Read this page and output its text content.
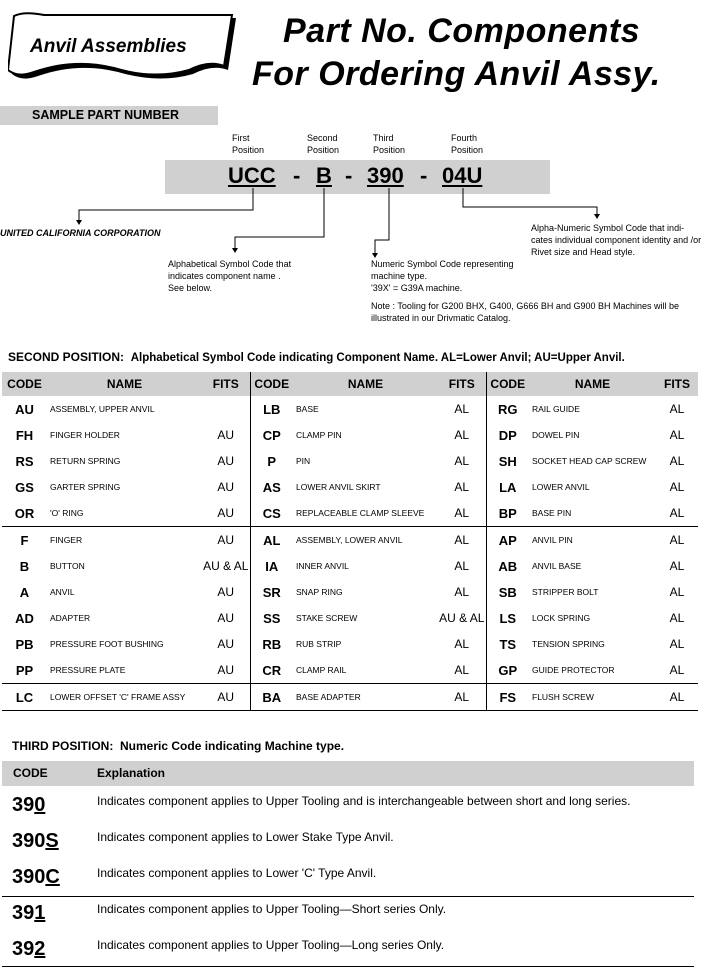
Anvil Assemblies	Part No. Components
For Ordering Anvil Assy.
SAMPLE PART NUMBER
First
Position
Second
Position
Third
Position
Fourth
Position
UCC - B - 390 - 04U
UNITED CALIFORNIA CORPORATION
Alphabetical Symbol Code that
indicates component name .
See below.
Numeric Symbol Code representing
machine type.
'39X' = G39A machine.
Note : Tooling for G200 BHX, G400, G666 BH and G900 BH Machines will be
illustrated in our Drivmatic Catalog.
Alpha-Numeric Symbol Code that indi-
cates individual component identity and /or
Rivet size and Head style.
SECOND POSITION: Alphabetical Symbol Code indicating Component Name. AL=Lower Anvil; AU=Upper Anvil.
CODE	NAME	FITS	CODE	NAME	FITS	CODE	NAME	FITS
AU	ASSEMBLY, UPPER ANVIL		LB	BASE	AL	RG	RAIL GUIDE	AL
FH	FINGER HOLDER	AU	CP	CLAMP PIN	AL	DP	DOWEL PIN	AL
RS	RETURN SPRING	AU	P	PIN	AL	SH	SOCKET HEAD CAP SCREW	AL
GS	GARTER SPRING	AU	AS	LOWER ANVIL SKIRT	AL	LA	LOWER ANVIL	AL
OR	'O' RING	AU	CS	REPLACEABLE CLAMP SLEEVE	AL	BP	BASE PIN	AL
F	FINGER	AU	AL	ASSEMBLY, LOWER ANVIL	AL	AP	ANVIL PIN	AL
B	BUTTON	AU & AL	IA	INNER ANVIL	AL	AB	ANVIL BASE	AL
A	ANVIL	AU	SR	SNAP RING	AL	SB	STRIPPER BOLT	AL
AD	ADAPTER	AU	SS	STAKE SCREW	AU & AL	LS	LOCK SPRING	AL
PB	PRESSURE FOOT BUSHING	AU	RB	RUB STRIP	AL	TS	TENSION SPRING	AL
PP	PRESSURE PLATE	AU	CR	CLAMP RAIL	AL	GP	GUIDE PROTECTOR	AL
LC	LOWER OFFSET 'C' FRAME ASSY	AU	BA	BASE ADAPTER	AL	FS	FLUSH SCREW	AL
THIRD POSITION: Numeric Code indicating Machine type.
CODE	Explanation
390	Indicates component applies to Upper Tooling and is interchangeable between short and long series.
390S	Indicates component applies to Lower Stake Type Anvil.
390C	Indicates component applies to Lower 'C' Type Anvil.
391	Indicates component applies to Upper Tooling—Short series Only.
392	Indicates component applies to Upper Tooling—Long series Only.
